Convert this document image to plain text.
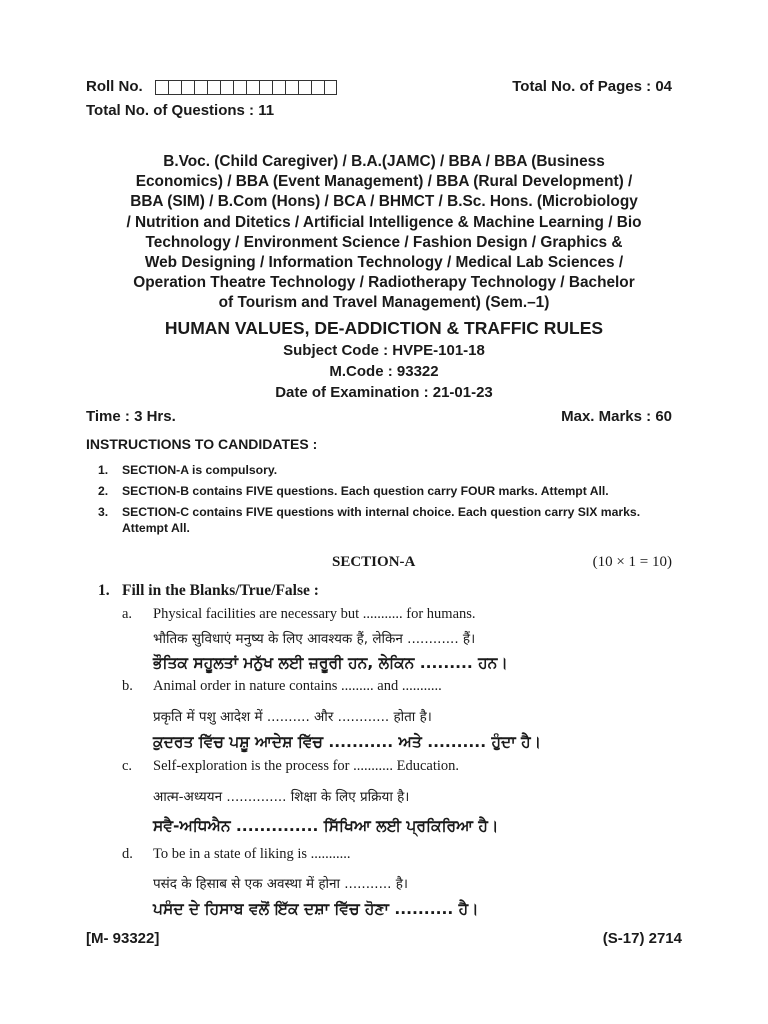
Roll No.	Total No. of Pages : 04
Total No. of Questions : 11
B.Voc. (Child Caregiver) / B.A.(JAMC) / BBA / BBA (Business
Economics) / BBA (Event Management) / BBA (Rural Development) /
BBA (SIM) / B.Com (Hons) / BCA / BHMCT / B.Sc. Hons. (Microbiology
/ Nutrition and Ditetics / Artificial Intelligence & Machine Learning / Bio
Technology / Environment Science / Fashion Design / Graphics &
Web Designing / Information Technology / Medical Lab Sciences /
Operation Theatre Technology / Radiotherapy Technology / Bachelor
of Tourism and Travel Management) (Sem.–1)
HUMAN VALUES, DE-ADDICTION & TRAFFIC RULES
Subject Code : HVPE-101-18
M.Code : 93322
Date of Examination : 21-01-23
Time : 3 Hrs.	Max. Marks : 60
INSTRUCTIONS TO CANDIDATES :
1.	SECTION-A is compulsory.
2.	SECTION-B contains FIVE questions. Each question carry FOUR marks. Attempt All.
3.	SECTION-C contains FIVE questions with internal choice. Each question carry SIX marks. Attempt All.
SECTION-A	(10 × 1 = 10)
1. Fill in the Blanks/True/False :
a. Physical facilities are necessary but ........... for humans.
भौतिक सुविधाएं मनुष्य के लिए आवश्यक हैं, लेकिन ............ हैं।
ਭੌਤਿਕ ਸਹੂਲਤਾਂ ਮਨੁੱਖ ਲਈ ਜ਼ਰੂਰੀ ਹਨ, ਲੇਕਿਨ ......... ਹਨ।
b. Animal order in nature contains ......... and ...........
प्रकृति में पशु आदेश में .......... और ............ होता है।
ਕੁਦਰਤ ਵਿੱਚ ਪਸ਼ੂ ਆਦੇਸ਼ ਵਿੱਚ ........... ਅਤੇ .......... ਹੁੰਦਾ ਹੈ।
c. Self-exploration is the process for ........... Education.
आत्म-अध्ययन .............. शिक्षा के लिए प्रक्रिया है।
ਸਵੈ-ਅਧਿਐਨ .............. ਸਿੱਖਿਆ ਲਈ ਪ੍ਰਕਿਰਿਆ ਹੈ।
d. To be in a state of liking is ...........
पसंद के हिसाब से एक अवस्था में होना ........... है।
ਪਸੰਦ ਦੇ ਹਿਸਾਬ ਵਲੋਂ ਇੱਕ ਦਸ਼ਾ ਵਿੱਚ ਹੋਣਾ .......... ਹੈ।
[M- 93322]	(S-17) 2714
